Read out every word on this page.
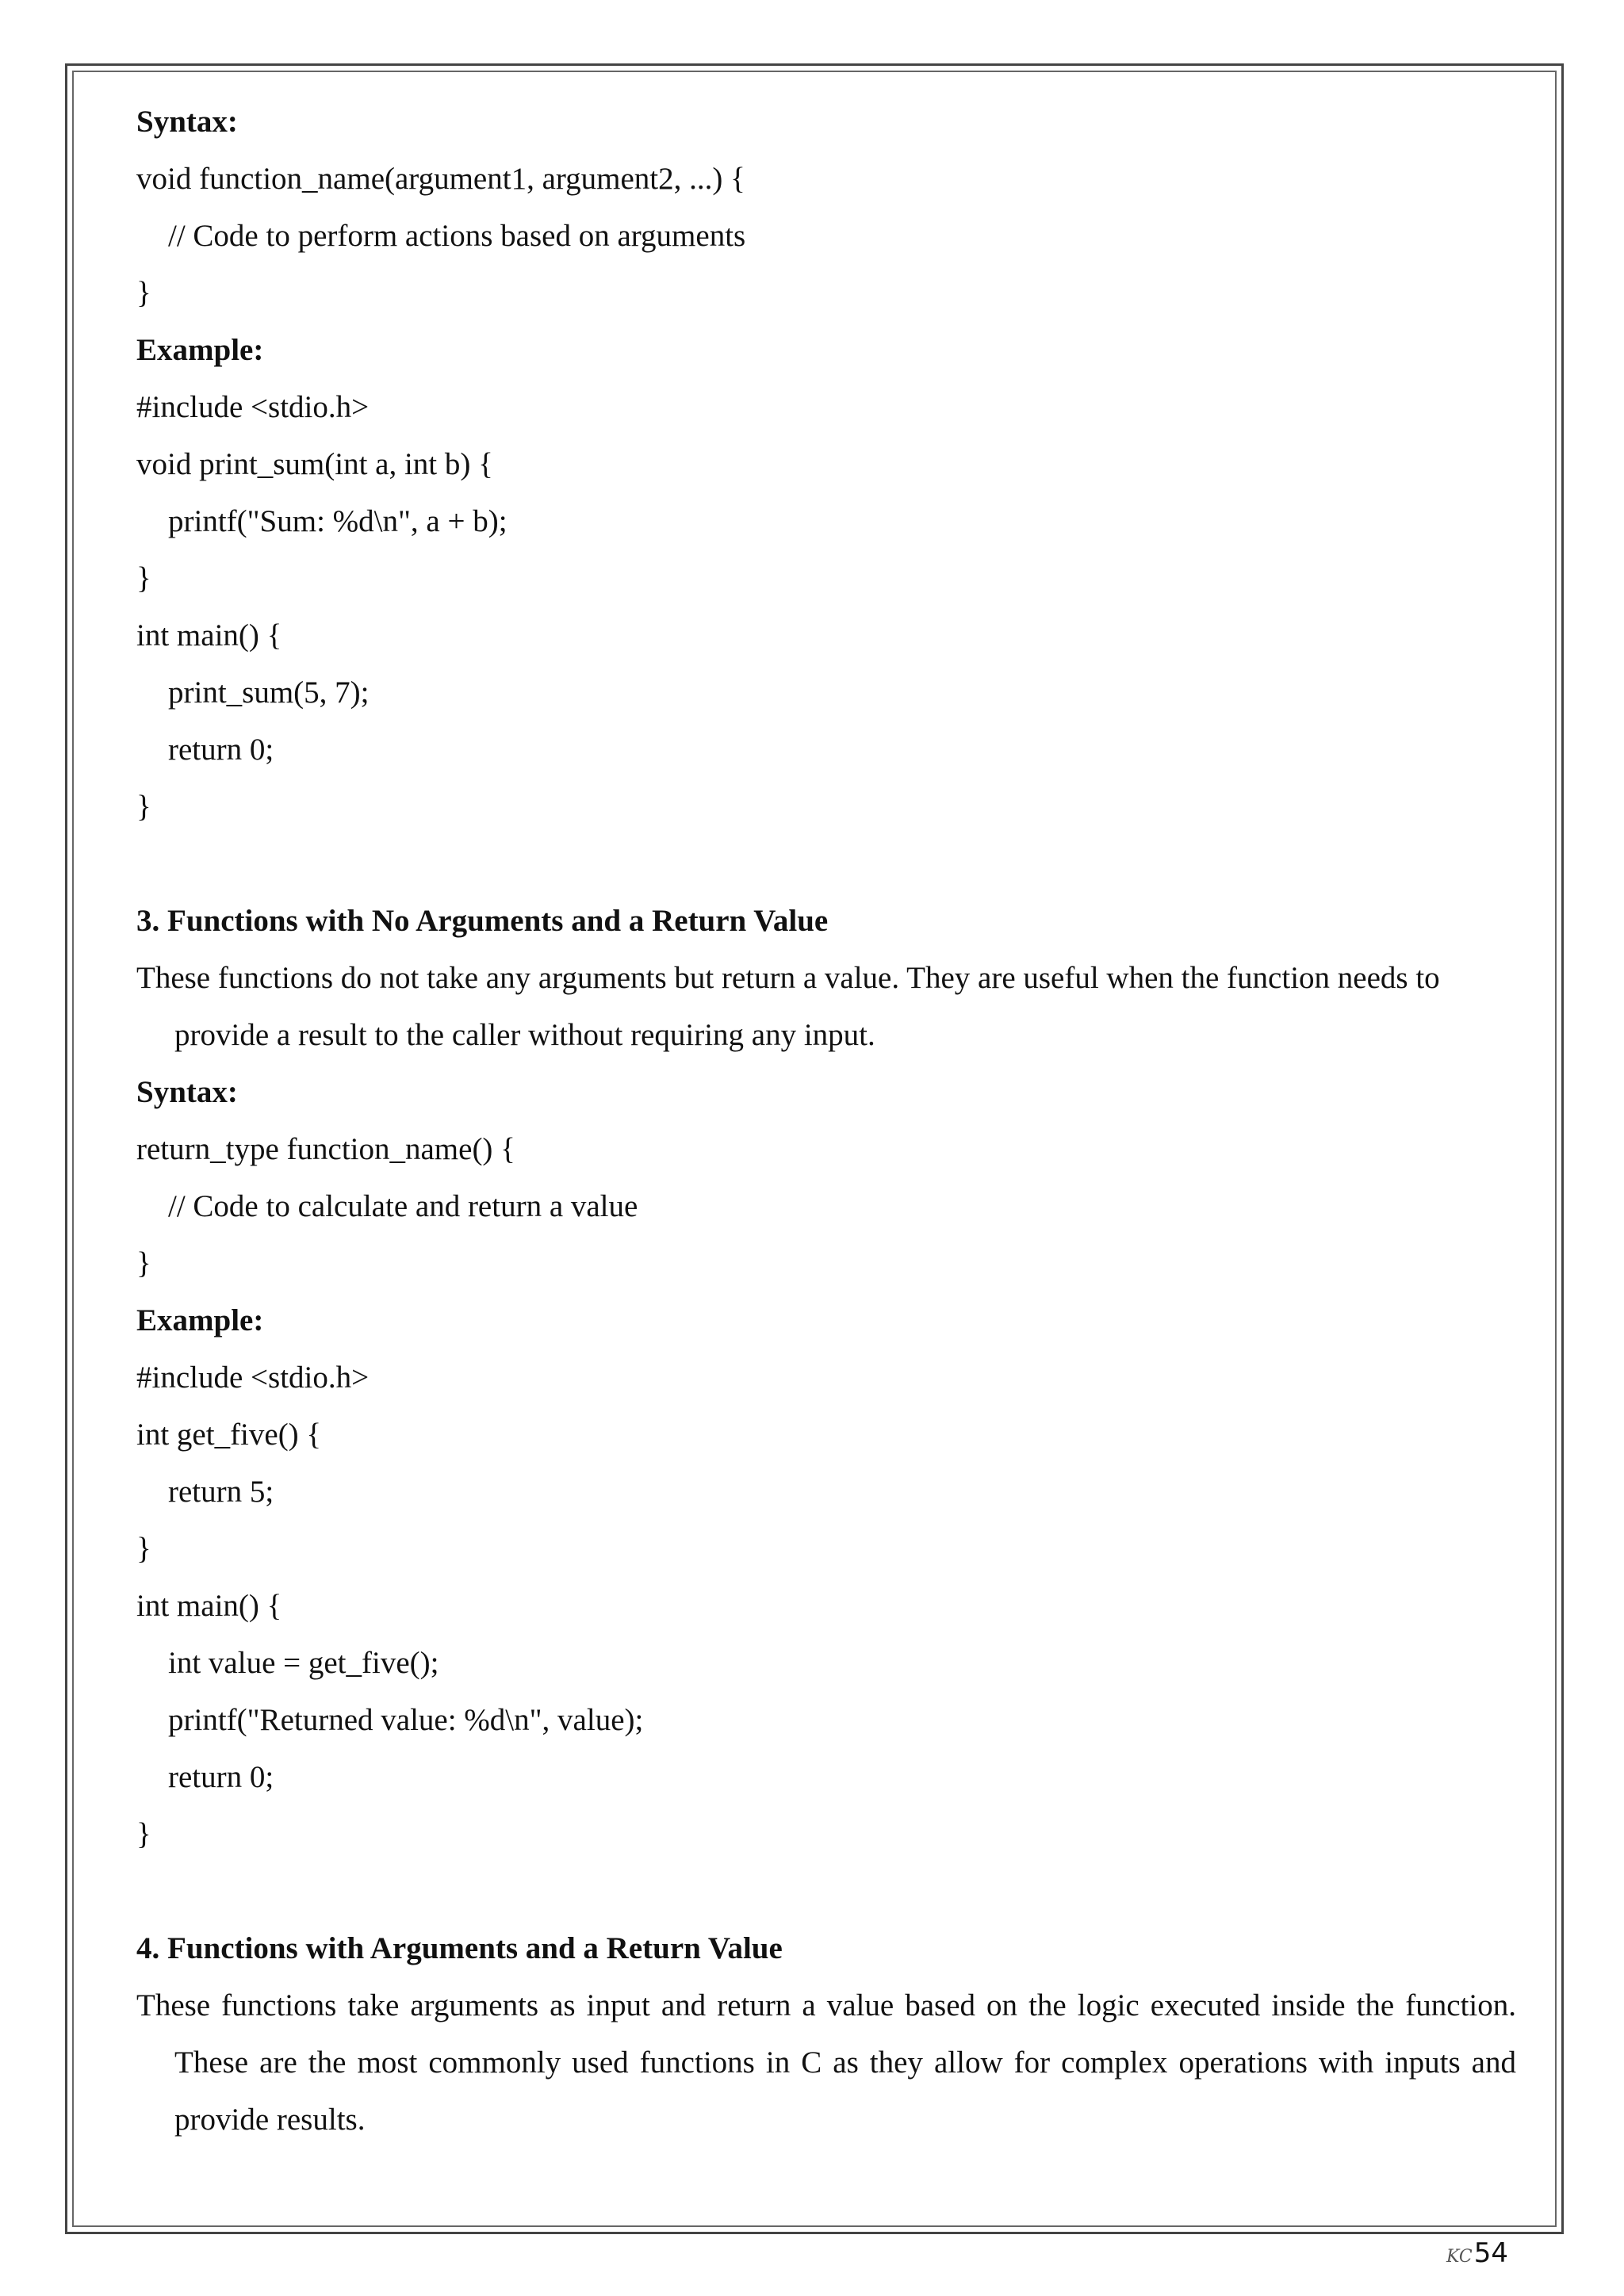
Syntax:
void function_name(argument1, argument2, ...) {
// Code to perform actions based on arguments
}
Example:
#include <stdio.h>
void print_sum(int a, int b) {
printf("Sum: %d\n", a + b);
}
int main() {
print_sum(5, 7);
return 0;
}
3. Functions with No Arguments and a Return Value
These functions do not take any arguments but return a value. They are useful when the function needs to provide a result to the caller without requiring any input.
Syntax:
return_type function_name() {
// Code to calculate and return a value
}
Example:
#include <stdio.h>
int get_five() {
return 5;
}
int main() {
int value = get_five();
printf("Returned value: %d\n", value);
return 0;
}
4. Functions with Arguments and a Return Value
These functions take arguments as input and return a value based on the logic executed inside the function. These are the most commonly used functions in C as they allow for complex operations with inputs and provide results.
KC 54
